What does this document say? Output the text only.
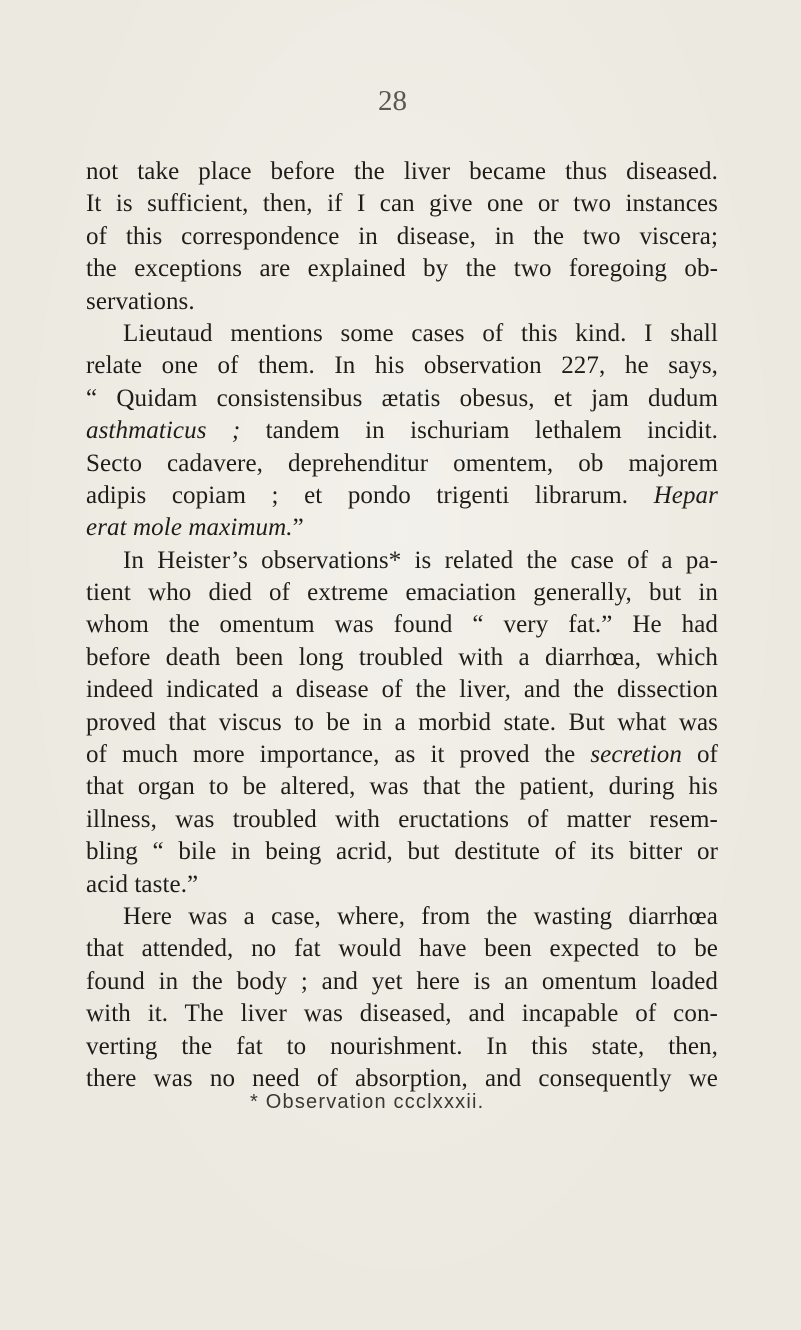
28
not take place before the liver became thus diseased.
It is sufficient, then, if I can give one or two instances
of this correspondence in disease, in the two viscera;
the exceptions are explained by the two foregoing ob-
servations.
Lieutaud mentions some cases of this kind. I shall
relate one of them. In his observation 227, he says,
“ Quidam consistensibus ætatis obesus, et jam dudum
asthmaticus ; tandem in ischuriam lethalem incidit.
Secto cadavere, deprehenditur omentem, ob majorem
adipis copiam ; et pondo trigenti librarum. Hepar
erat mole maximum.”
In Heister’s observations* is related the case of a pa-
tient who died of extreme emaciation generally, but in
whom the omentum was found “ very fat.” He had
before death been long troubled with a diarrhœa, which
indeed indicated a disease of the liver, and the dissection
proved that viscus to be in a morbid state. But what was
of much more importance, as it proved the secretion of
that organ to be altered, was that the patient, during his
illness, was troubled with eructations of matter resem-
bling “ bile in being acrid, but destitute of its bitter or
acid taste.”
Here was a case, where, from the wasting diarrhœa
that attended, no fat would have been expected to be
found in the body ; and yet here is an omentum loaded
with it. The liver was diseased, and incapable of con-
verting the fat to nourishment. In this state, then,
there was no need of absorption, and consequently we
* Observation ccclxxxii.
